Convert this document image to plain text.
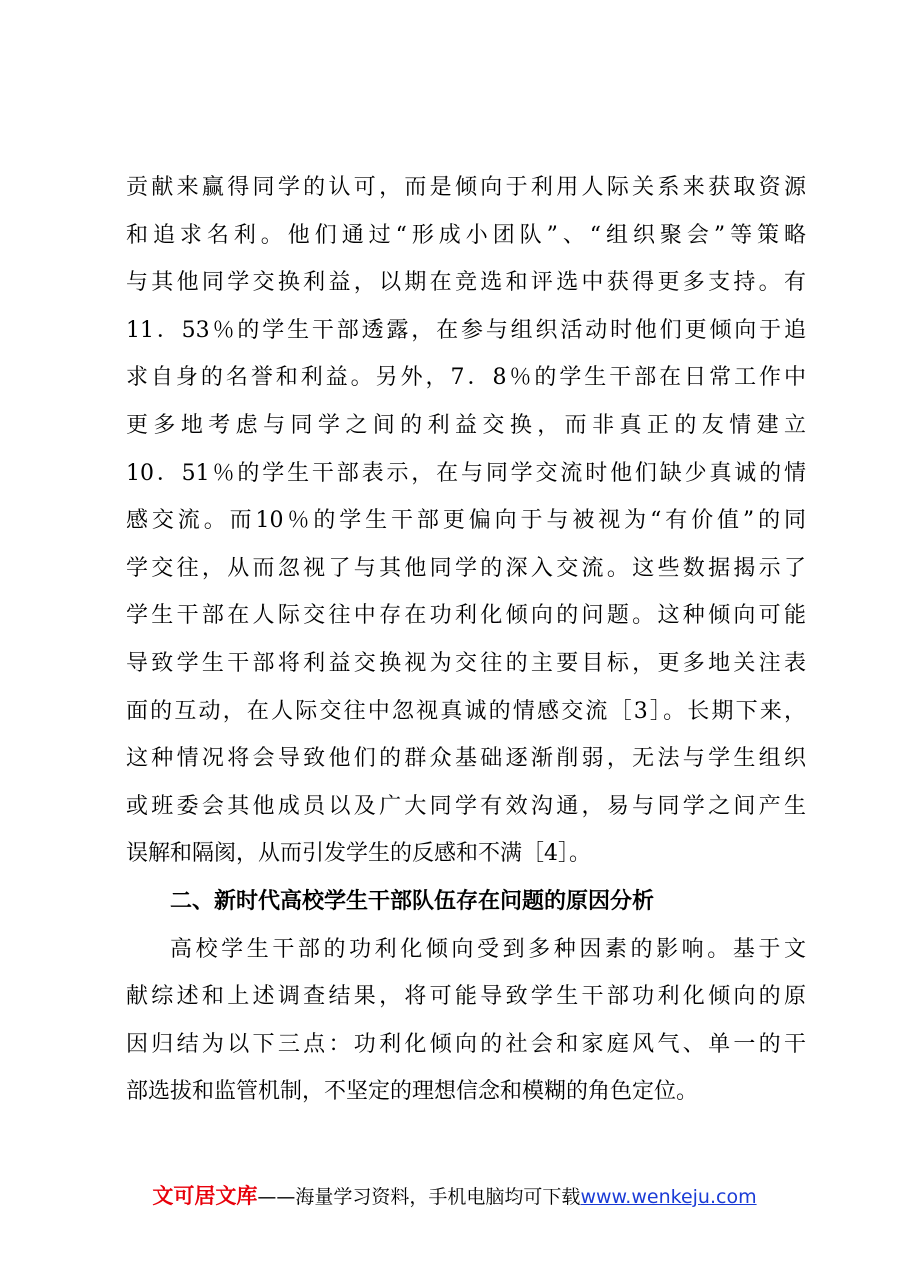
贡献来赢得同学的认可，而是倾向于利用人际关系来获取资源
和追求名利。他们通过“形成小团队”、“组织聚会”等策略
与其他同学交换利益，以期在竞选和评选中获得更多支持。有
11．53％的学生干部透露，在参与组织活动时他们更倾向于追
求自身的名誉和利益。另外，7．8％的学生干部在日常工作中
更多地考虑与同学之间的利益交换，而非真正的友情建立
10．51％的学生干部表示，在与同学交流时他们缺少真诚的情
感交流。而10％的学生干部更偏向于与被视为“有价值”的同
学交往，从而忽视了与其他同学的深入交流。这些数据揭示了
学生干部在人际交往中存在功利化倾向的问题。这种倾向可能
导致学生干部将利益交换视为交往的主要目标，更多地关注表
面的互动，在人际交往中忽视真诚的情感交流［3］。长期下来，
这种情况将会导致他们的群众基础逐渐削弱，无法与学生组织
或班委会其他成员以及广大同学有效沟通，易与同学之间产生
误解和隔阂，从而引发学生的反感和不满［4］。
二、新时代高校学生干部队伍存在问题的原因分析
高校学生干部的功利化倾向受到多种因素的影响。基于文
献综述和上述调查结果，将可能导致学生干部功利化倾向的原
因归结为以下三点：功利化倾向的社会和家庭风气、单一的干
部选拔和监管机制，不坚定的理想信念和模糊的角色定位。
文可居文库——海量学习资料，手机电脑均可下载www.wenkeju.com
